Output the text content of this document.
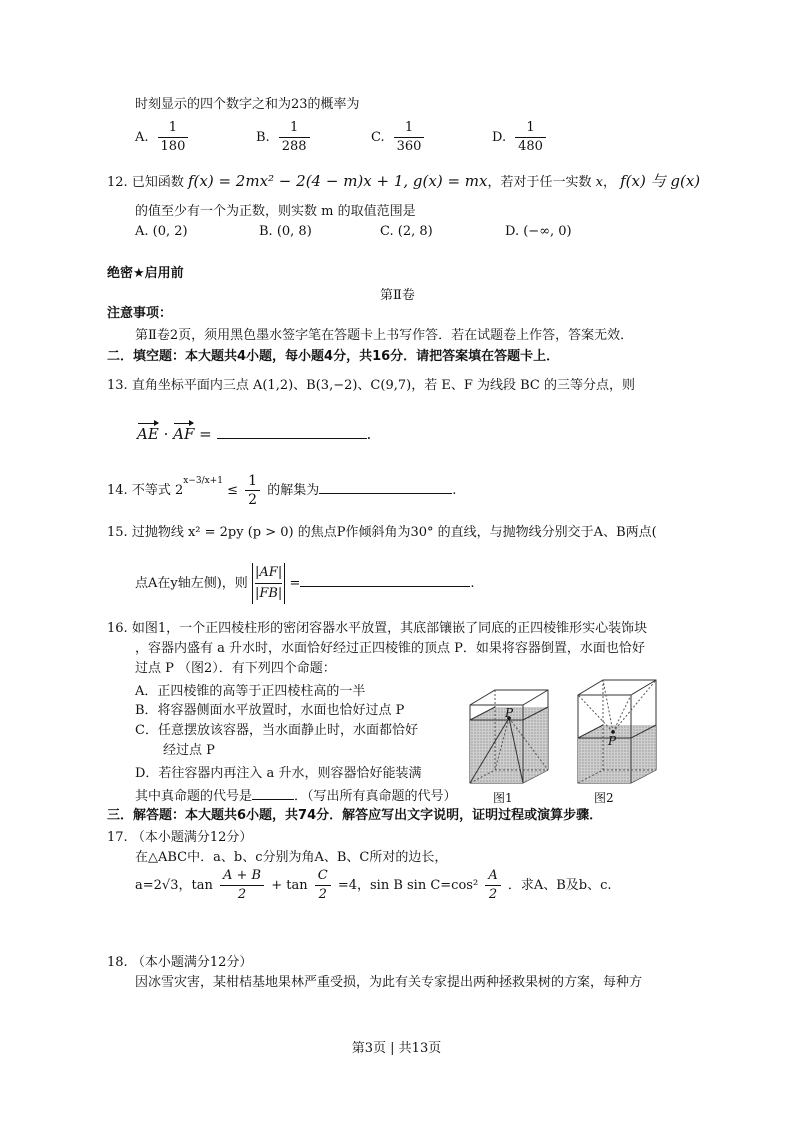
时刻显示的四个数字之和为23的概率为
A. $\frac{1}{180}$	B. $\frac{1}{288}$	C. $\frac{1}{360}$	D. $\frac{1}{480}$
12. 已知函数 f(x) = 2mx² − 2(4 − m)x + 1, g(x) = mx，若对于任一实数 x， f(x) 与 g(x)
的值至少有一个为正数，则实数 m 的取值范围是
A. (0, 2)	B. (0, 8)	C. (2, 8)	D. (−∞, 0)
绝密★启用前
第Ⅱ卷
注意事项：
第Ⅱ卷2页，须用黑色墨水签字笔在答题卡上书写作答．若在试题卷上作答，答案无效．
二．填空题：本大题共4小题，每小题4分，共16分．请把答案填在答题卡上．
13. 直角坐标平面内三点 A(1,2)、B(3,−2)、C(9,7)，若 E、F 为线段 BC 的三等分点，则
AE · AF =	.
14. 不等式 $2^{x-3/x+1} \le \frac{1}{2}$ 的解集为	.
15. 过抛物线 x² = 2py (p > 0) 的焦点P作倾斜角为30° 的直线，与抛物线分别交于A、B两点(
点A在y轴左侧)，则 $\frac{|AF|}{|FB|}$ =	.
16. 如图1，一个正四棱柱形的密闭容器水平放置，其底部镶嵌了同底的正四棱锥形实心装饰块
，容器内盛有 a 升水时，水面恰好经过正四棱锥的顶点 P．如果将容器倒置，水面也恰好
过点 P （图2）．有下列四个命题：
A．正四棱锥的高等于正四棱柱高的一半
B．将容器侧面水平放置时，水面也恰好过点 P
C．任意摆放该容器，当水面静止时，水面都恰好
经过点 P
D．若往容器内再注入 a 升水，则容器恰好能装满
其中真命题的代号是	．（写出所有真命题的代号）
P
P
图1	图2
三．解答题：本大题共6小题，共74分．解答应写出文字说明，证明过程或演算步骤．
17. （本小题满分12分）
在△ABC中．a、b、c分别为角A、B、C所对的边长，
a=2√3，$\tan \frac{A + B}{2} + \tan \frac{C}{2} =4$，sin B $\sin C=\cos^2 \frac{A}{2}$ ．求A、B及b、c.
18. （本小题满分12分）
因冰雪灾害，某柑桔基地果林严重受损，为此有关专家提出两种拯救果树的方案，每种方
第3页 | 共13页
